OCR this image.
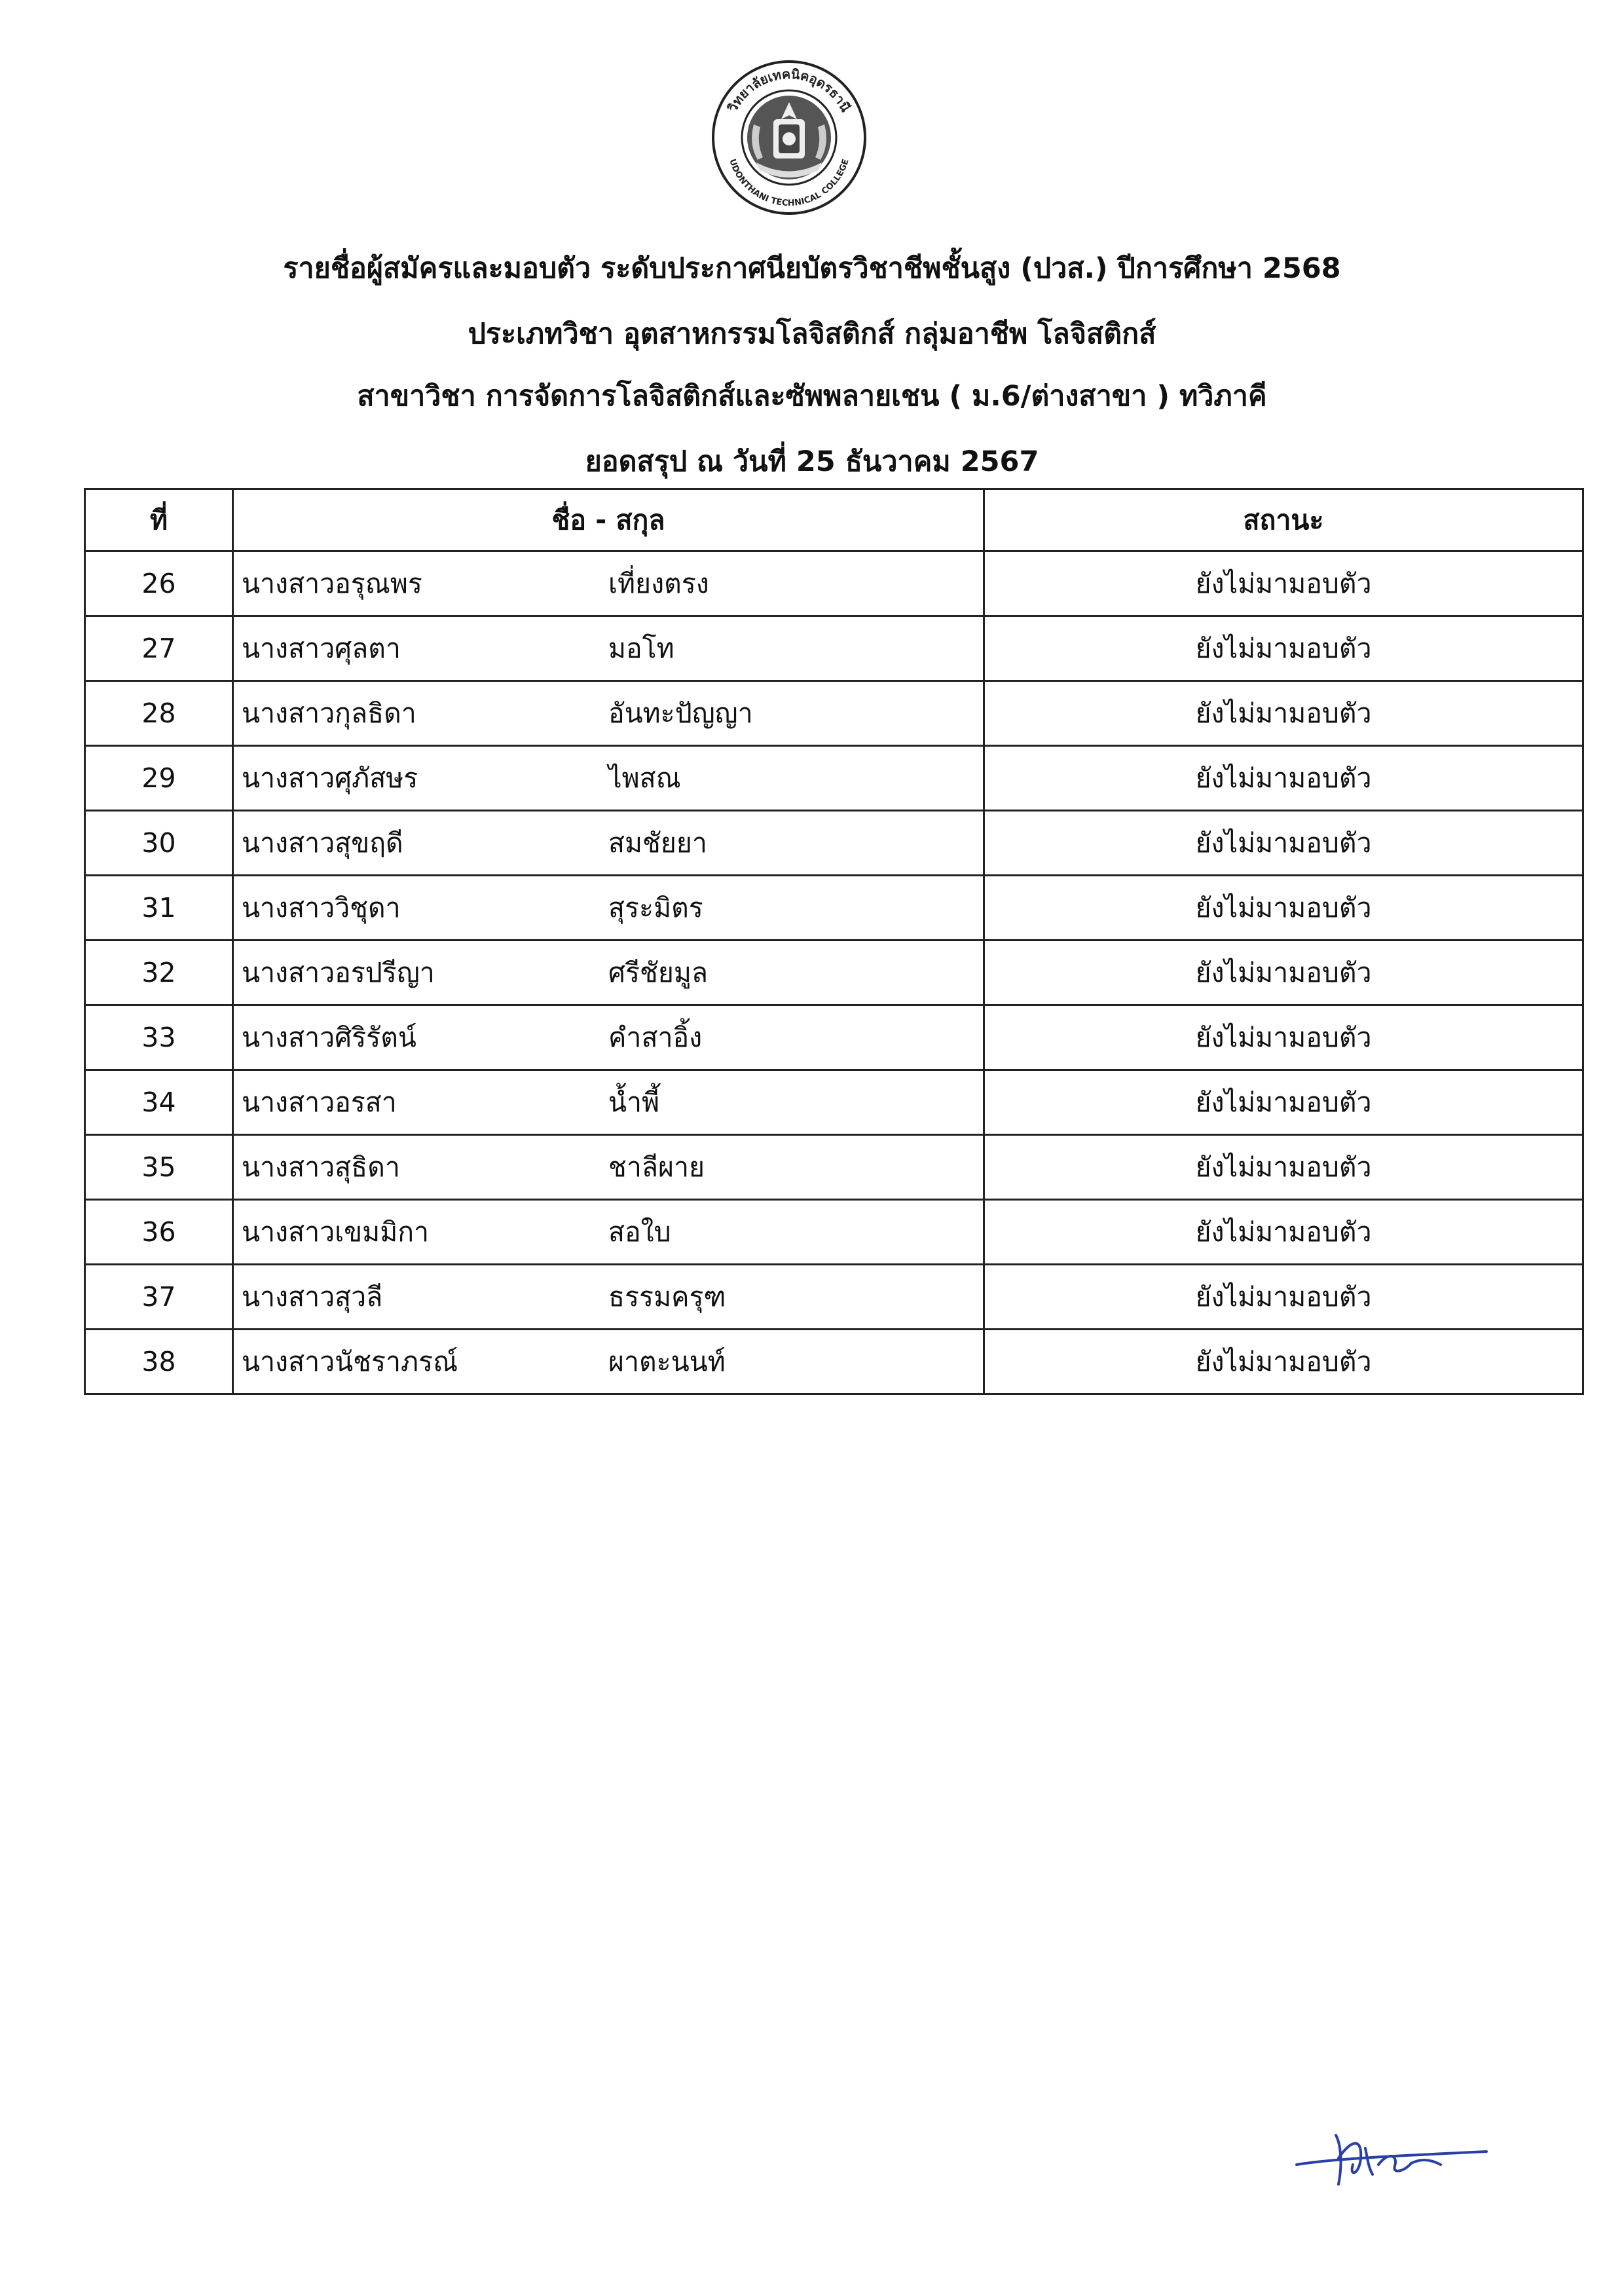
วิทยาลัยเทคนิคอุดรธานี
UDONTHANI TECHNICAL COLLEGE
รายชื่อผู้สมัครและมอบตัว ระดับประกาศนียบัตรวิชาชีพชั้นสูง (ปวส.) ปีการศึกษา 2568
ประเภทวิชา อุตสาหกรรมโลจิสติกส์ กลุ่มอาชีพ โลจิสติกส์
สาขาวิชา การจัดการโลจิสติกส์และซัพพลายเชน ( ม.6/ต่างสาขา ) ทวิภาคี
ยอดสรุป ณ วันที่ 25 ธันวาคม 2567
ที่	ชื่อ - สกุล	สถานะ
26	นางสาวอรุณพร เที่ยงตรง	ยังไม่มามอบตัว
27	นางสาวศุลตา มอโท	ยังไม่มามอบตัว
28	นางสาวกุลธิดา อันทะปัญญา	ยังไม่มามอบตัว
29	นางสาวศุภัสษร ไพสณ	ยังไม่มามอบตัว
30	นางสาวสุขฤดี สมชัยยา	ยังไม่มามอบตัว
31	นางสาววิชุดา สุระมิตร	ยังไม่มามอบตัว
32	นางสาวอรปรีญา ศรีชัยมูล	ยังไม่มามอบตัว
33	นางสาวศิริรัตน์ คำสาอิ้ง	ยังไม่มามอบตัว
34	นางสาวอรสา น้ำพี้	ยังไม่มามอบตัว
35	นางสาวสุธิดา ชาลีผาย	ยังไม่มามอบตัว
36	นางสาวเขมมิกา สอใบ	ยังไม่มามอบตัว
37	นางสาวสุวลี ธรรมครุฑ	ยังไม่มามอบตัว
38	นางสาวนัชราภรณ์ ผาตะนนท์	ยังไม่มามอบตัว
